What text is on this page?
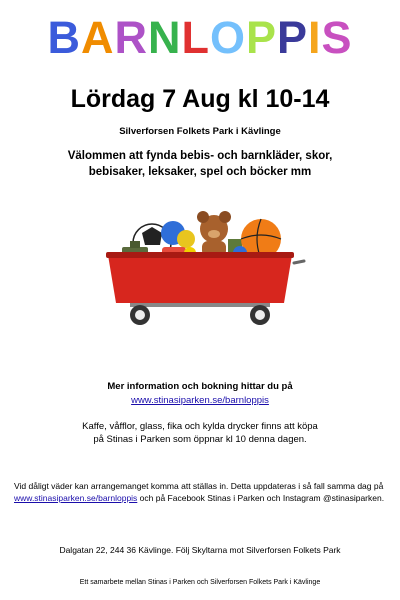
BARNLOPPIS
Lördag 7 Aug kl 10-14
Silverforsen Folkets Park i Kävlinge
Välommen att fynda bebis- och barnkläder, skor,
bebisaker, leksaker, spel och böcker mm
Mer information och bokning hittar du på
www.stinasiparken.se/barnloppis
Kaffe, våfflor, glass, fika och kylda drycker finns att köpa
på Stinas i Parken som öppnar kl 10 denna dagen.
Vid dåligt väder kan arrangemanget komma att ställas in. Detta uppdateras i så fall samma dag på www.stinasiparken.se/barnloppis och på Facebook Stinas i Parken och Instagram @stinasiparken.
Dalgatan 22, 244 36 Kävlinge. Följ Skyltarna mot Silverforsen Folkets Park
Ett samarbete mellan Stinas i Parken och Silverforsen Folkets Park i Kävlinge
